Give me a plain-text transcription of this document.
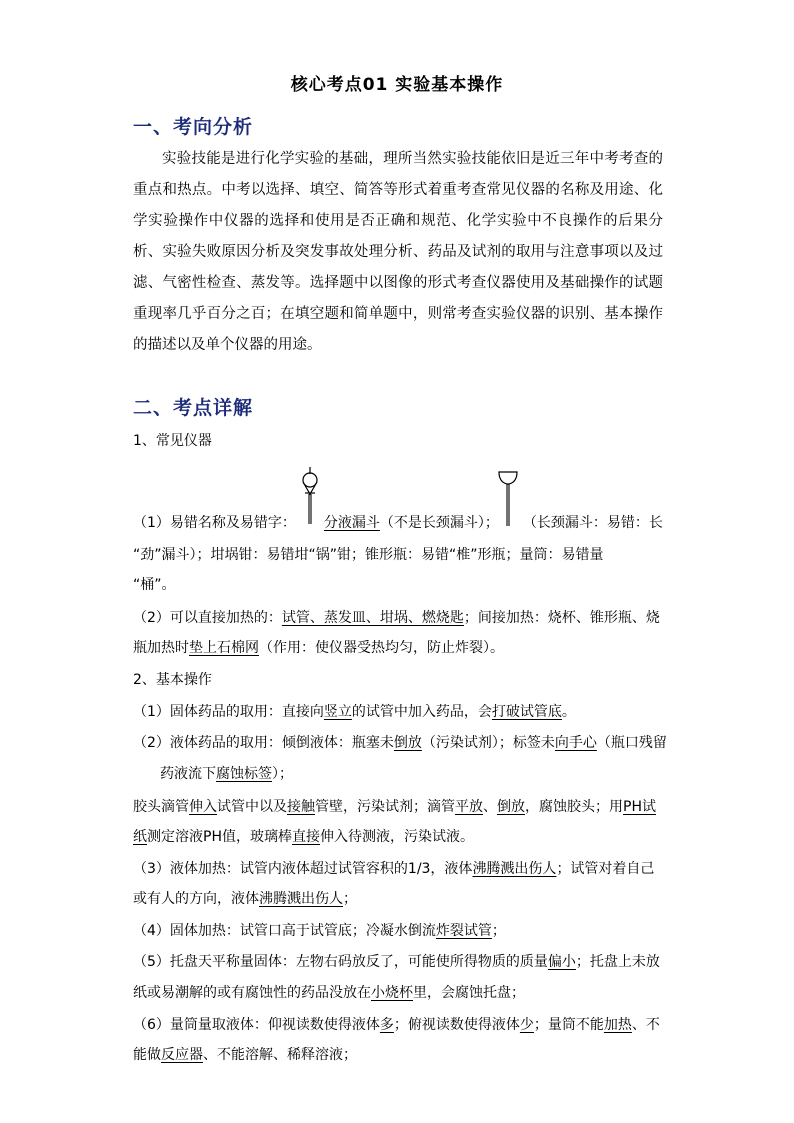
核心考点01 实验基本操作
一、考向分析
实验技能是进行化学实验的基础，理所当然实验技能依旧是近三年中考考查的重点和热点。中考以选择、填空、简答等形式着重考查常见仪器的名称及用途、化学实验操作中仪器的选择和使用是否正确和规范、化学实验中不良操作的后果分析、实验失败原因分析及突发事故处理分析、药品及试剂的取用与注意事项以及过滤、气密性检查、蒸发等。选择题中以图像的形式考查仪器使用及基础操作的试题重现率几乎百分之百；在填空题和简单题中，则常考查实验仪器的识别、基本操作的描述以及单个仪器的用途。
二、考点详解
1、常见仪器
（1）易错名称及易错字： 分液漏斗（不是长颈漏斗）； （长颈漏斗：易错：长
“劲”漏斗）；坩埚钳：易错坩“锅”钳；锥形瓶：易错“椎”形瓶；量筒：易错量
“桶”。
（2）可以直接加热的：试管、蒸发皿、坩埚、燃烧匙；间接加热：烧杯、锥形瓶、烧
瓶加热时垫上石棉网（作用：使仪器受热均匀，防止炸裂）。
2、基本操作
（1）固体药品的取用：直接向竖立的试管中加入药品，会打破试管底。
（2）液体药品的取用：倾倒液体：瓶塞未倒放（污染试剂）；标签未向手心（瓶口残留
药液流下腐蚀标签）；
胶头滴管伸入试管中以及接触管壁，污染试剂；滴管平放、倒放，腐蚀胶头；用PH试
纸测定溶液PH值，玻璃棒直接伸入待测液，污染试液。
（3）液体加热：试管内液体超过试管容积的1/3，液体沸腾溅出伤人；试管对着自己
或有人的方向，液体沸腾溅出伤人；
（4）固体加热：试管口高于试管底；冷凝水倒流炸裂试管；
（5）托盘天平称量固体：左物右码放反了，可能使所得物质的质量偏小；托盘上未放
纸或易潮解的或有腐蚀性的药品没放在小烧杯里，会腐蚀托盘；
（6）量筒量取液体：仰视读数使得液体多；俯视读数使得液体少；量筒不能加热、不
能做反应器、不能溶解、稀释溶液；
